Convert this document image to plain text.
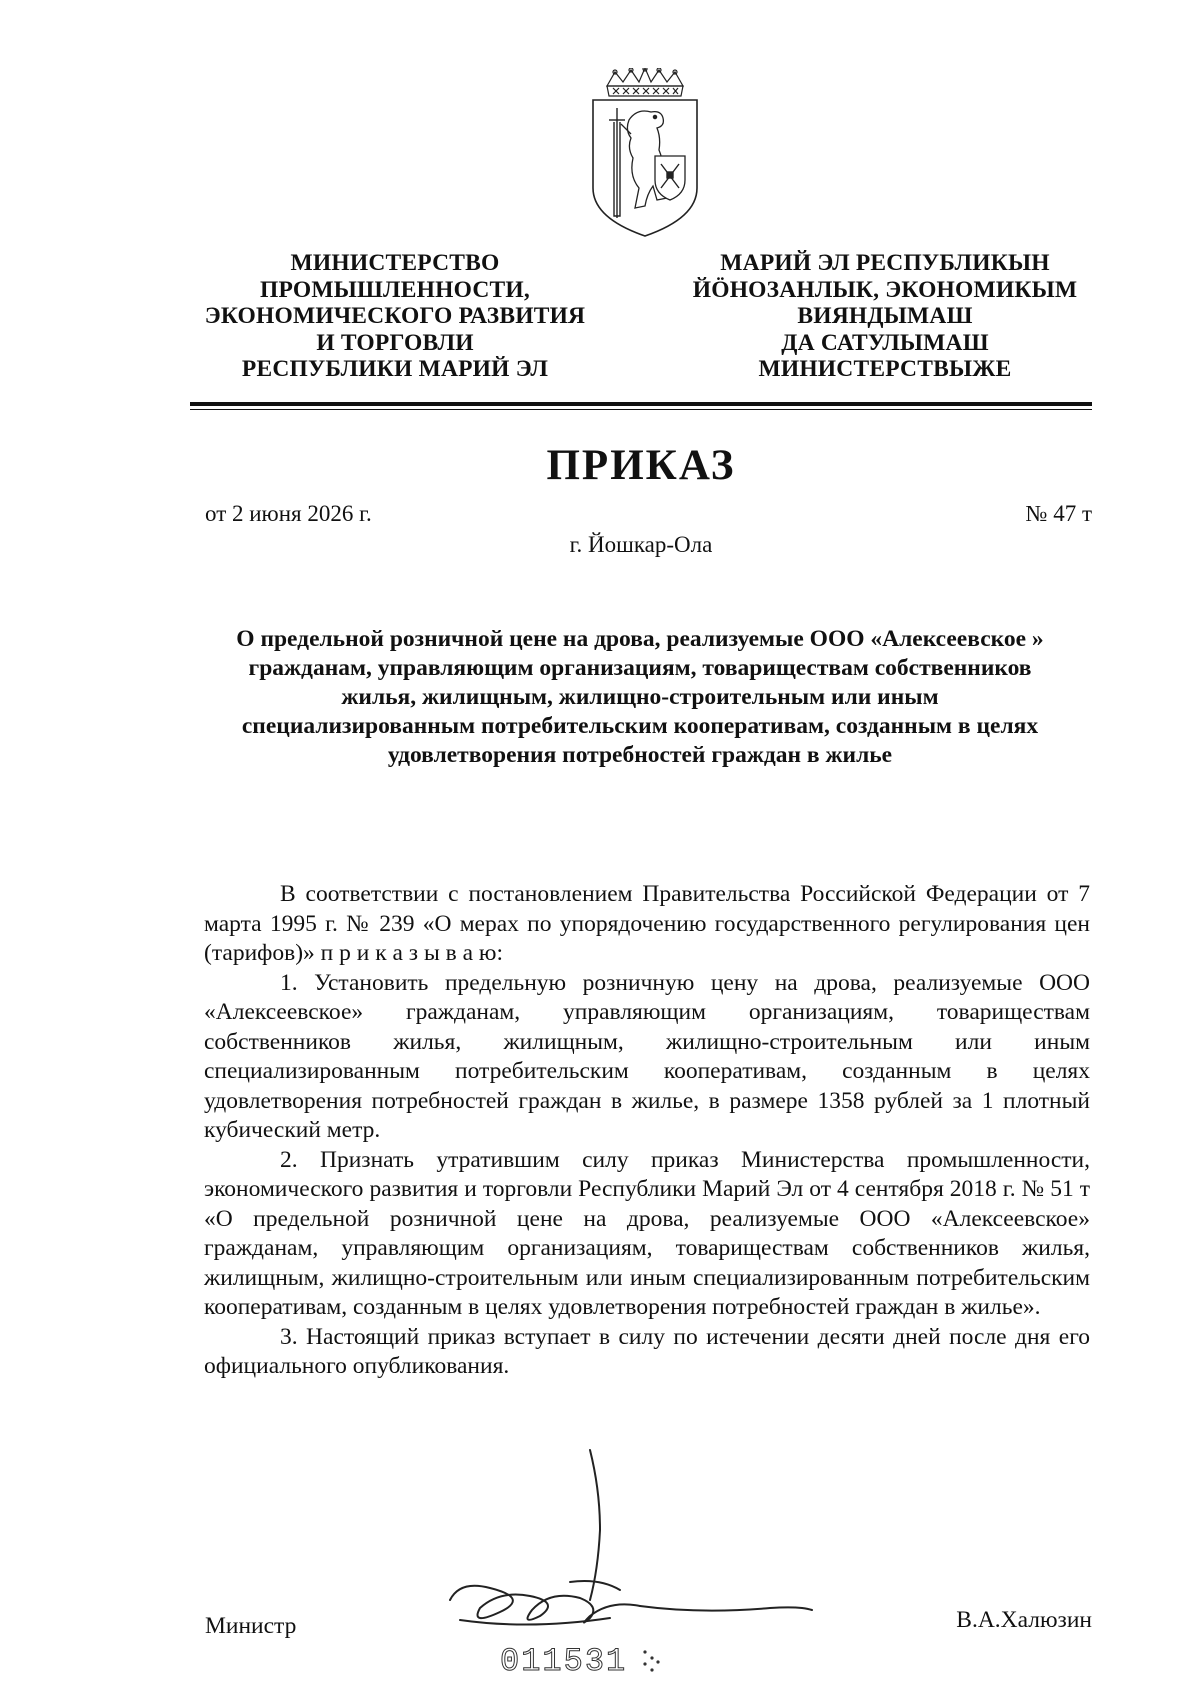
МИНИСТЕРСТВО
ПРОМЫШЛЕННОСТИ,
ЭКОНОМИЧЕСКОГО РАЗВИТИЯ
И ТОРГОВЛИ
РЕСПУБЛИКИ МАРИЙ ЭЛ
МАРИЙ ЭЛ РЕСПУБЛИКЫН
ЙӦНОЗАНЛЫК, ЭКОНОМИКЫМ
ВИЯНДЫМАШ
ДА САТУЛЫМАШ
МИНИСТЕРСТВЫЖЕ
ПРИКАЗ
от 2 июня 2026 г.	№ 47 т
г. Йошкар-Ола
О предельной розничной цене на дрова, реализуемые ООО «Алексеевское » гражданам, управляющим организациям, товариществам собственников жилья, жилищным, жилищно-строительным или иным специализированным потребительским кооперативам, созданным в целях удовлетворения потребностей граждан в жилье

В соответствии с постановлением Правительства Российской Федерации от 7 марта 1995 г. № 239 «О мерах по упорядочению государственного регулирования цен (тарифов)» п р и к а з ы в а ю:

1. Установить предельную розничную цену на дрова, реализуемые ООО «Алексеевское» гражданам, управляющим организациям, товариществам собственников жилья, жилищным, жилищно-строительным или иным специализированным потребительским кооперативам, созданным в целях удовлетворения потребностей граждан в жилье, в размере 1358 рублей за 1 плотный кубический метр.

2. Признать утратившим силу приказ Министерства промышленности, экономического развития и торговли Республики Марий Эл от 4 сентября 2018 г. № 51 т «О предельной розничной цене на дрова, реализуемые ООО «Алексеевское» гражданам, управляющим организациям, товариществам собственников жилья, жилищным, жилищно-строительным или иным специализированным потребительским кооперативам, созданным в целях удовлетворения потребностей граждан в жилье».

3. Настоящий приказ вступает в силу по истечении десяти дней после дня его официального опубликования.

011531
Министр	В.А.Халюзин
